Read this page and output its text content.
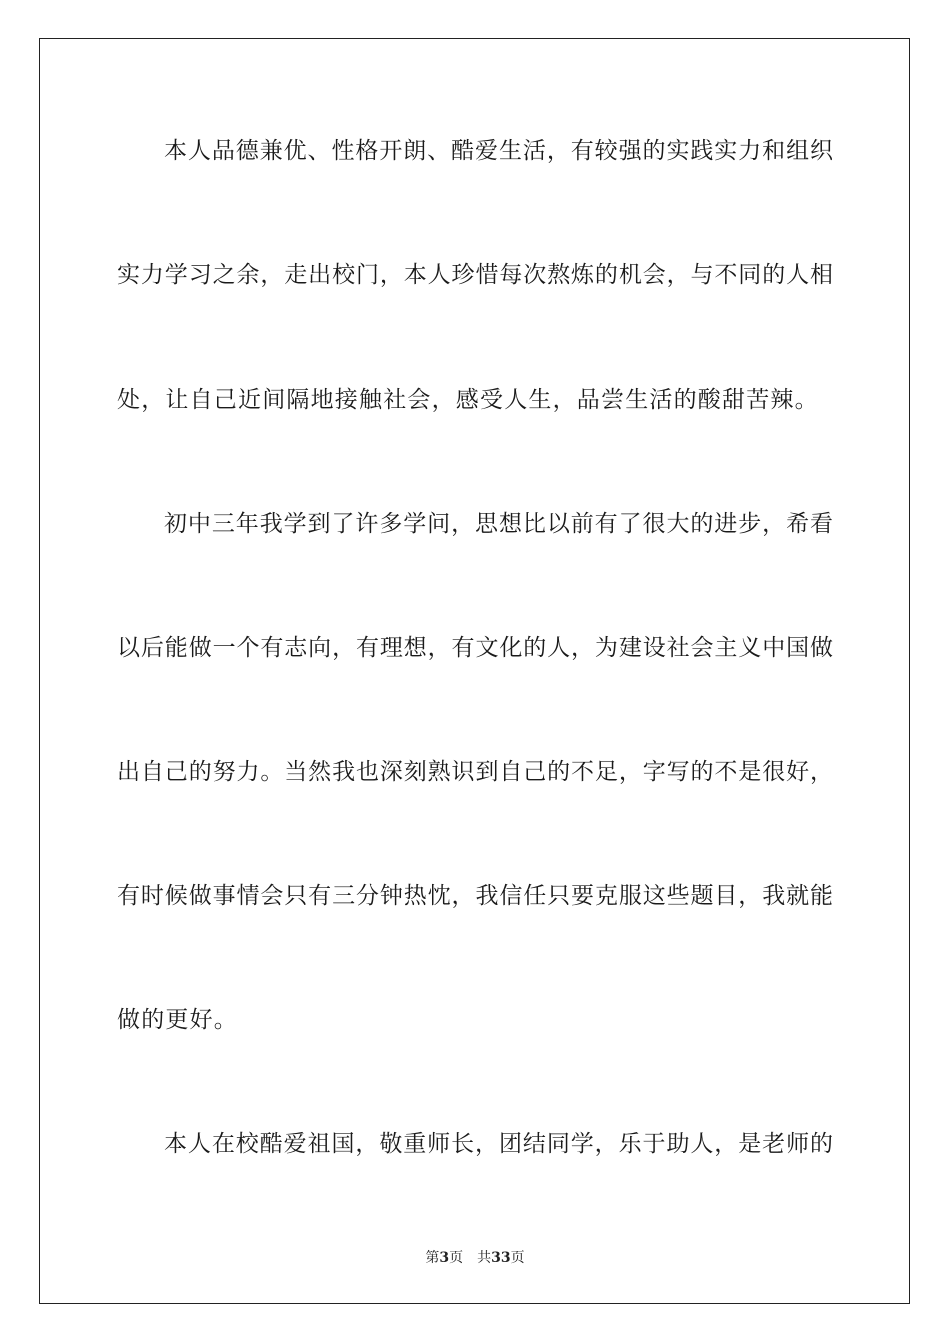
本人品德兼优、性格开朗、酷爱生活，有较强的实践实力和组织
实力学习之余，走出校门，本人珍惜每次熬炼的机会，与不同的人相
处，让自己近间隔地接触社会，感受人生，品尝生活的酸甜苦辣。
初中三年我学到了许多学问，思想比以前有了很大的进步，希看
以后能做一个有志向，有理想，有文化的人，为建设社会主义中国做
出自己的努力。当然我也深刻熟识到自己的不足，字写的不是很好，
有时候做事情会只有三分钟热忱，我信任只要克服这些题目，我就能
做的更好。
本人在校酷爱祖国，敬重师长，团结同学，乐于助人，是老师的
第3页 共33页
